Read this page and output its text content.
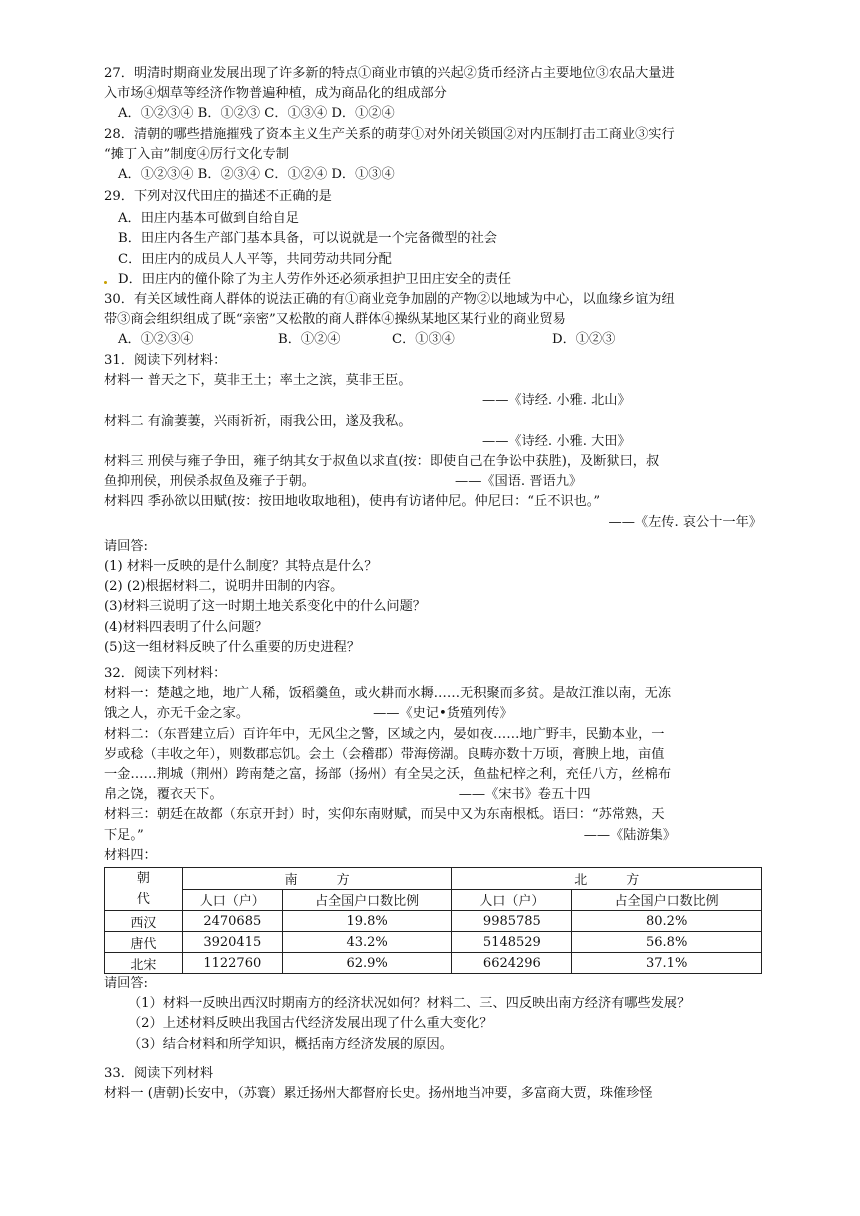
27．明清时期商业发展出现了许多新的特点①商业市镇的兴起②货币经济占主要地位③农品大量进
入市场④烟草等经济作物普遍种植，成为商品化的组成部分
A．①②③④ B．①②③ C．①③④ D．①②④
28．清朝的哪些措施摧残了资本主义生产关系的萌芽①对外闭关锁国②对内压制打击工商业③实行
“摊丁入亩”制度④厉行文化专制
A．①②③④ B．②③④ C．①②④ D．①③④
29．下列对汉代田庄的描述不正确的是
A．田庄内基本可做到自给自足
B．田庄内各生产部门基本具备，可以说就是一个完备微型的社会
C．田庄内的成员人人平等，共同劳动共同分配
D．田庄内的僮仆除了为主人劳作外还必须承担护卫田庄安全的责任
30．有关区域性商人群体的说法正确的有①商业竞争加剧的产物②以地域为中心，以血缘乡谊为纽
带③商会组织组成了既“亲密”又松散的商人群体④操纵某地区某行业的商业贸易
A．①②③④	B．①②④	C．①③④	D．①②③
31．阅读下列材料：
材料一 普天之下，莫非王土；率土之滨，莫非王臣。
——《诗经. 小雅. 北山》
材料二 有渝萋萋，兴雨祈祈，雨我公田，遂及我私。
——《诗经. 小雅. 大田》
材料三 刑侯与雍子争田，雍子纳其女于叔鱼以求直(按：即使自己在争讼中获胜)，及断狱曰，叔
鱼抑刑侯，刑侯杀叔鱼及雍子于朝。	——《国语. 晋语九》
材料四 季孙欲以田赋(按：按田地收取地租)，使冉有访诸仲尼。仲尼曰：“丘不识也。”
——《左传. 哀公十一年》
请回答:
(1) 材料一反映的是什么制度？其特点是什么？
(2) (2)根据材料二，说明井田制的内容。
(3)材料三说明了这一时期土地关系变化中的什么问题？
(4)材料四表明了什么问题？
(5)这一组材料反映了什么重要的历史进程？
32．阅读下列材料：
材料一：楚越之地，地广人稀，饭稻羹鱼，或火耕而水耨……无积聚而多贫。是故江淮以南，无冻
饿之人，亦无千金之家。	——《史记•货殖列传》
材料二：（东晋建立后）百许年中，无风尘之警，区域之内，晏如夜……地广野丰，民勤本业，一
岁或稔（丰收之年），则数郡忘饥。会土（会稽郡）带海傍湖。良畴亦数十万顷，膏腴上地，亩值
一金……荆城（荆州）跨南楚之富，扬部（扬州）有全吴之沃，鱼盐杞梓之利，充任八方，丝棉布
帛之饶，覆衣天下。	——《宋书》卷五十四
材料三：朝廷在故都（东京开封）时，实仰东南财赋，而吴中又为东南根柢。语曰：“苏常熟，天
下足。”	——《陆游集》
材料四：
朝
代	南　　　方		北　　　方	
	人口（户）	占全国户口数比例	人口（户）	占全国户口数比例
西汉	2470685	19.8%	9985785	80.2%
唐代	3920415	43.2%	5148529	56.8%
北宋	1122760	62.9%	6624296	37.1%
请回答:
（1）材料一反映出西汉时期南方的经济状况如何？材料二、三、四反映出南方经济有哪些发展？
（2）上述材料反映出我国古代经济发展出现了什么重大变化？
（3）结合材料和所学知识，概括南方经济发展的原因。
33．阅读下列材料
材料一 (唐朝)长安中，（苏寰）累迁扬州大都督府长史。扬州地当冲要，多富商大贾，珠傕珍怪
